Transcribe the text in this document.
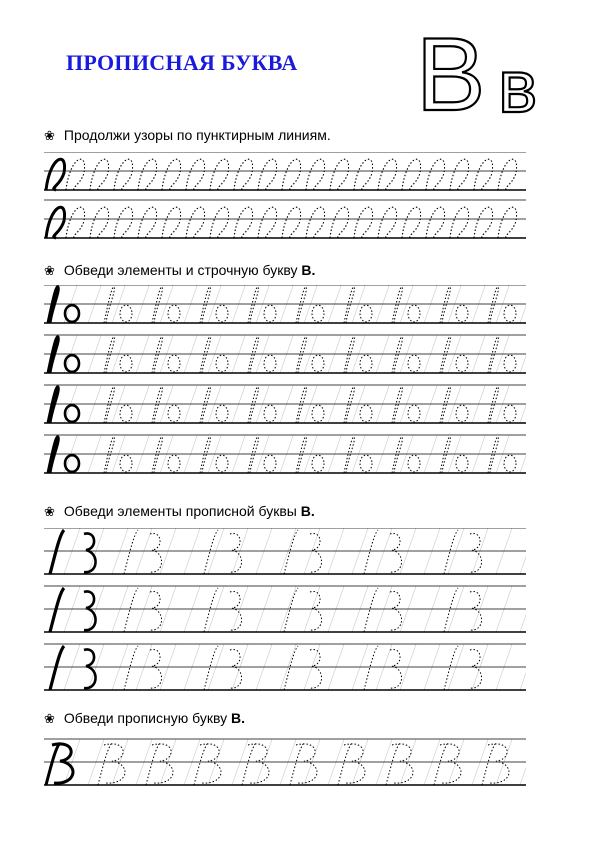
ПРОПИСНАЯ БУКВА В в
❀ Продолжи узоры по пунктирным линиям.
❀ Обведи элементы и строчную букву В.
❀ Обведи элементы прописной буквы В.
❀ Обведи прописную букву В.
